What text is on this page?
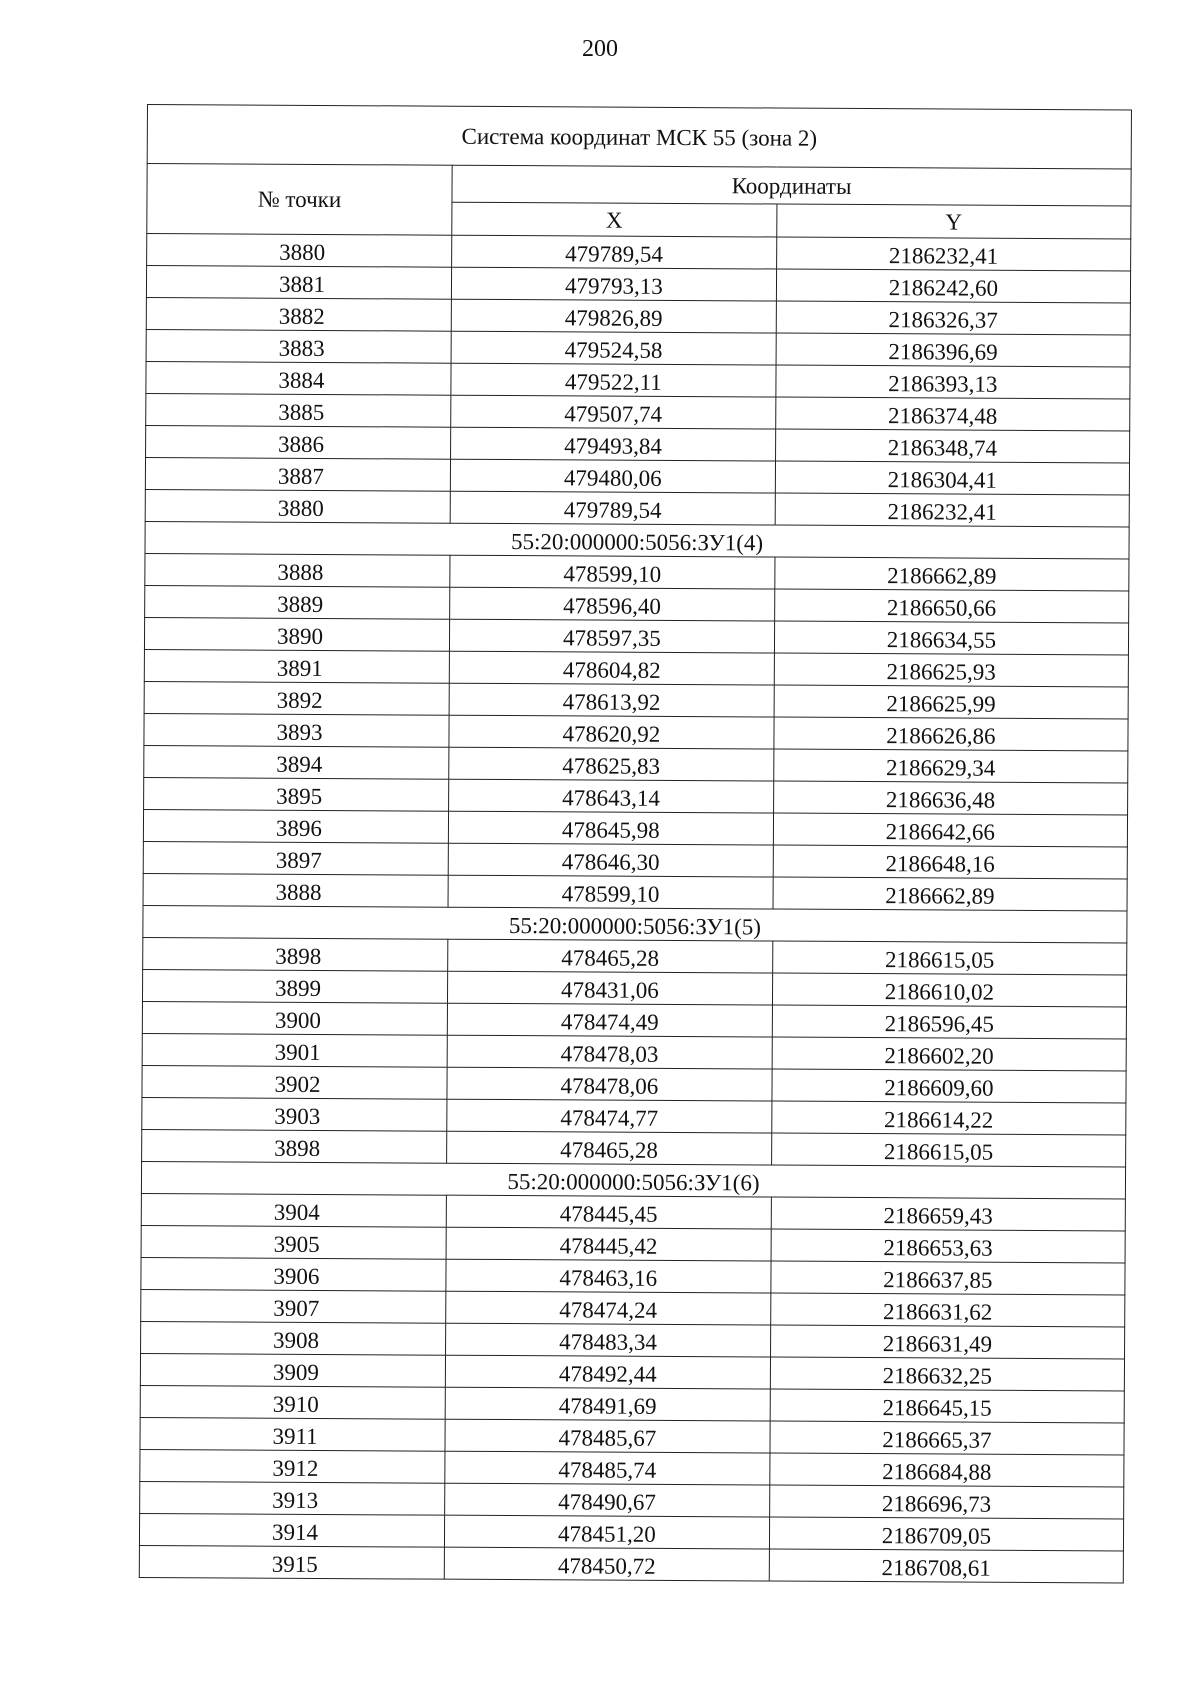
200
Система координат МСК 55 (зона 2)		
№ точки	Координаты	
	X	Y
3880	479789,54	2186232,41
3881	479793,13	2186242,60
3882	479826,89	2186326,37
3883	479524,58	2186396,69
3884	479522,11	2186393,13
3885	479507,74	2186374,48
3886	479493,84	2186348,74
3887	479480,06	2186304,41
3880	479789,54	2186232,41
55:20:000000:5056:ЗУ1(4)		
3888	478599,10	2186662,89
3889	478596,40	2186650,66
3890	478597,35	2186634,55
3891	478604,82	2186625,93
3892	478613,92	2186625,99
3893	478620,92	2186626,86
3894	478625,83	2186629,34
3895	478643,14	2186636,48
3896	478645,98	2186642,66
3897	478646,30	2186648,16
3888	478599,10	2186662,89
55:20:000000:5056:ЗУ1(5)		
3898	478465,28	2186615,05
3899	478431,06	2186610,02
3900	478474,49	2186596,45
3901	478478,03	2186602,20
3902	478478,06	2186609,60
3903	478474,77	2186614,22
3898	478465,28	2186615,05
55:20:000000:5056:ЗУ1(6)		
3904	478445,45	2186659,43
3905	478445,42	2186653,63
3906	478463,16	2186637,85
3907	478474,24	2186631,62
3908	478483,34	2186631,49
3909	478492,44	2186632,25
3910	478491,69	2186645,15
3911	478485,67	2186665,37
3912	478485,74	2186684,88
3913	478490,67	2186696,73
3914	478451,20	2186709,05
3915	478450,72	2186708,61
